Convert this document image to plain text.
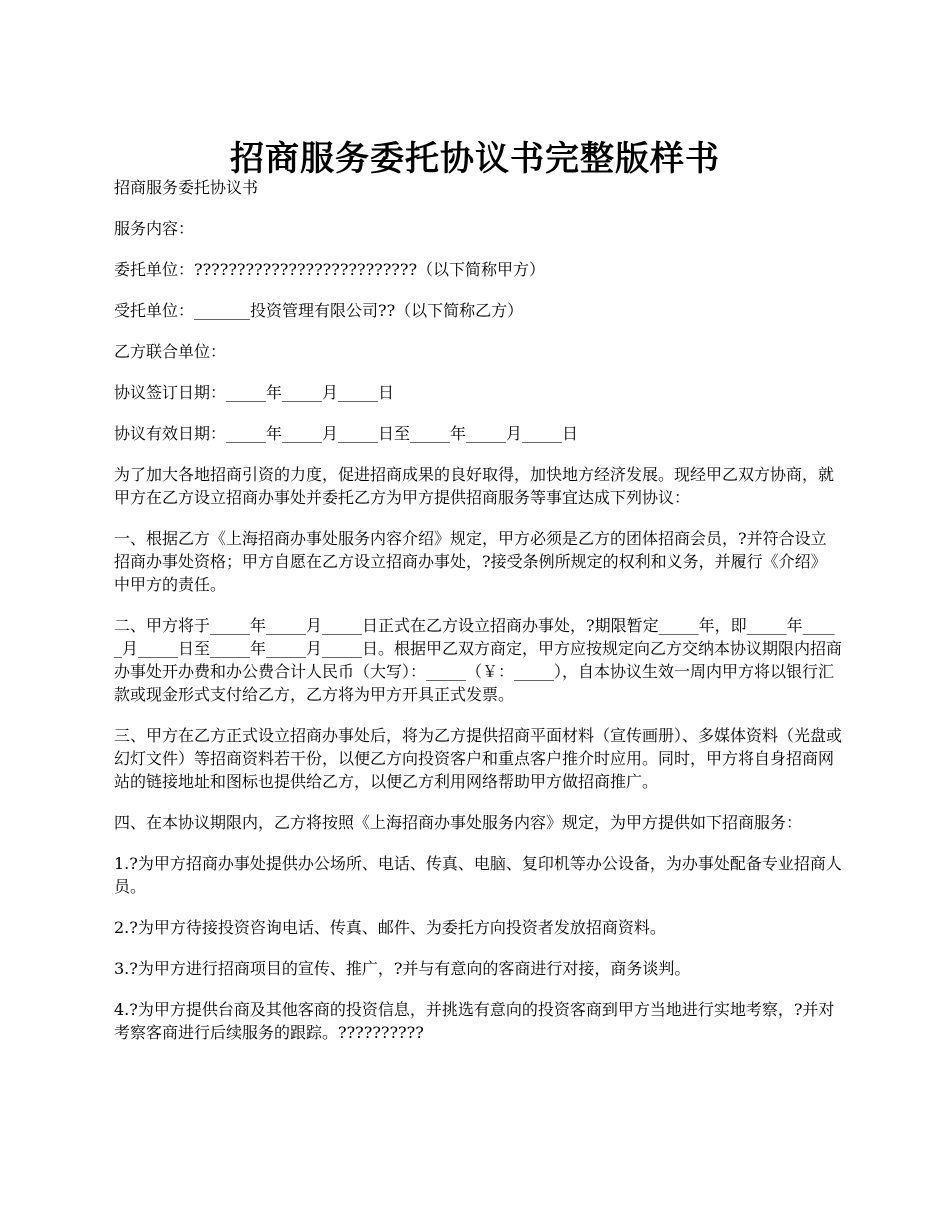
招商服务委托协议书完整版样书

招商服务委托协议书

服务内容：

委托单位：??????????????????????????（以下简称甲方）

受托单位：_______投资管理有限公司??（以下简称乙方）

乙方联合单位：

协议签订日期：_____年_____月_____日

协议有效日期：_____年_____月_____日至_____年_____月_____日

为了加大各地招商引资的力度，促进招商成果的良好取得，加快地方经济发展。现经甲乙双方协商，就甲方在乙方设立招商办事处并委托乙方为甲方提供招商服务等事宜达成下列协议：

一、根据乙方《上海招商办事处服务内容介绍》规定，甲方必须是乙方的团体招商会员，?并符合设立招商办事处资格；甲方自愿在乙方设立招商办事处，?接受条例所规定的权利和义务，并履行《介绍》中甲方的责任。

二、甲方将于_____年_____月_____日正式在乙方设立招商办事处，?期限暂定_____年，即_____年_____月_____日至_____年_____月_____日。根据甲乙双方商定，甲方应按规定向乙方交纳本协议期限内招商办事处开办费和办公费合计人民币（大写）：_____（￥：_____），自本协议生效一周内甲方将以银行汇款或现金形式支付给乙方，乙方将为甲方开具正式发票。

三、甲方在乙方正式设立招商办事处后，将为乙方提供招商平面材料（宣传画册）、多媒体资料（光盘或幻灯文件）等招商资料若干份，以便乙方向投资客户和重点客户推介时应用。同时，甲方将自身招商网站的链接地址和图标也提供给乙方，以便乙方利用网络帮助甲方做招商推广。

四、在本协议期限内，乙方将按照《上海招商办事处服务内容》规定，为甲方提供如下招商服务：

1.?为甲方招商办事处提供办公场所、电话、传真、电脑、复印机等办公设备，为办事处配备专业招商人员。

2.?为甲方待接投资咨询电话、传真、邮件、为委托方向投资者发放招商资料。

3.?为甲方进行招商项目的宣传、推广，?并与有意向的客商进行对接，商务谈判。

4.?为甲方提供台商及其他客商的投资信息，并挑选有意向的投资客商到甲方当地进行实地考察，?并对考察客商进行后续服务的跟踪。??????????
